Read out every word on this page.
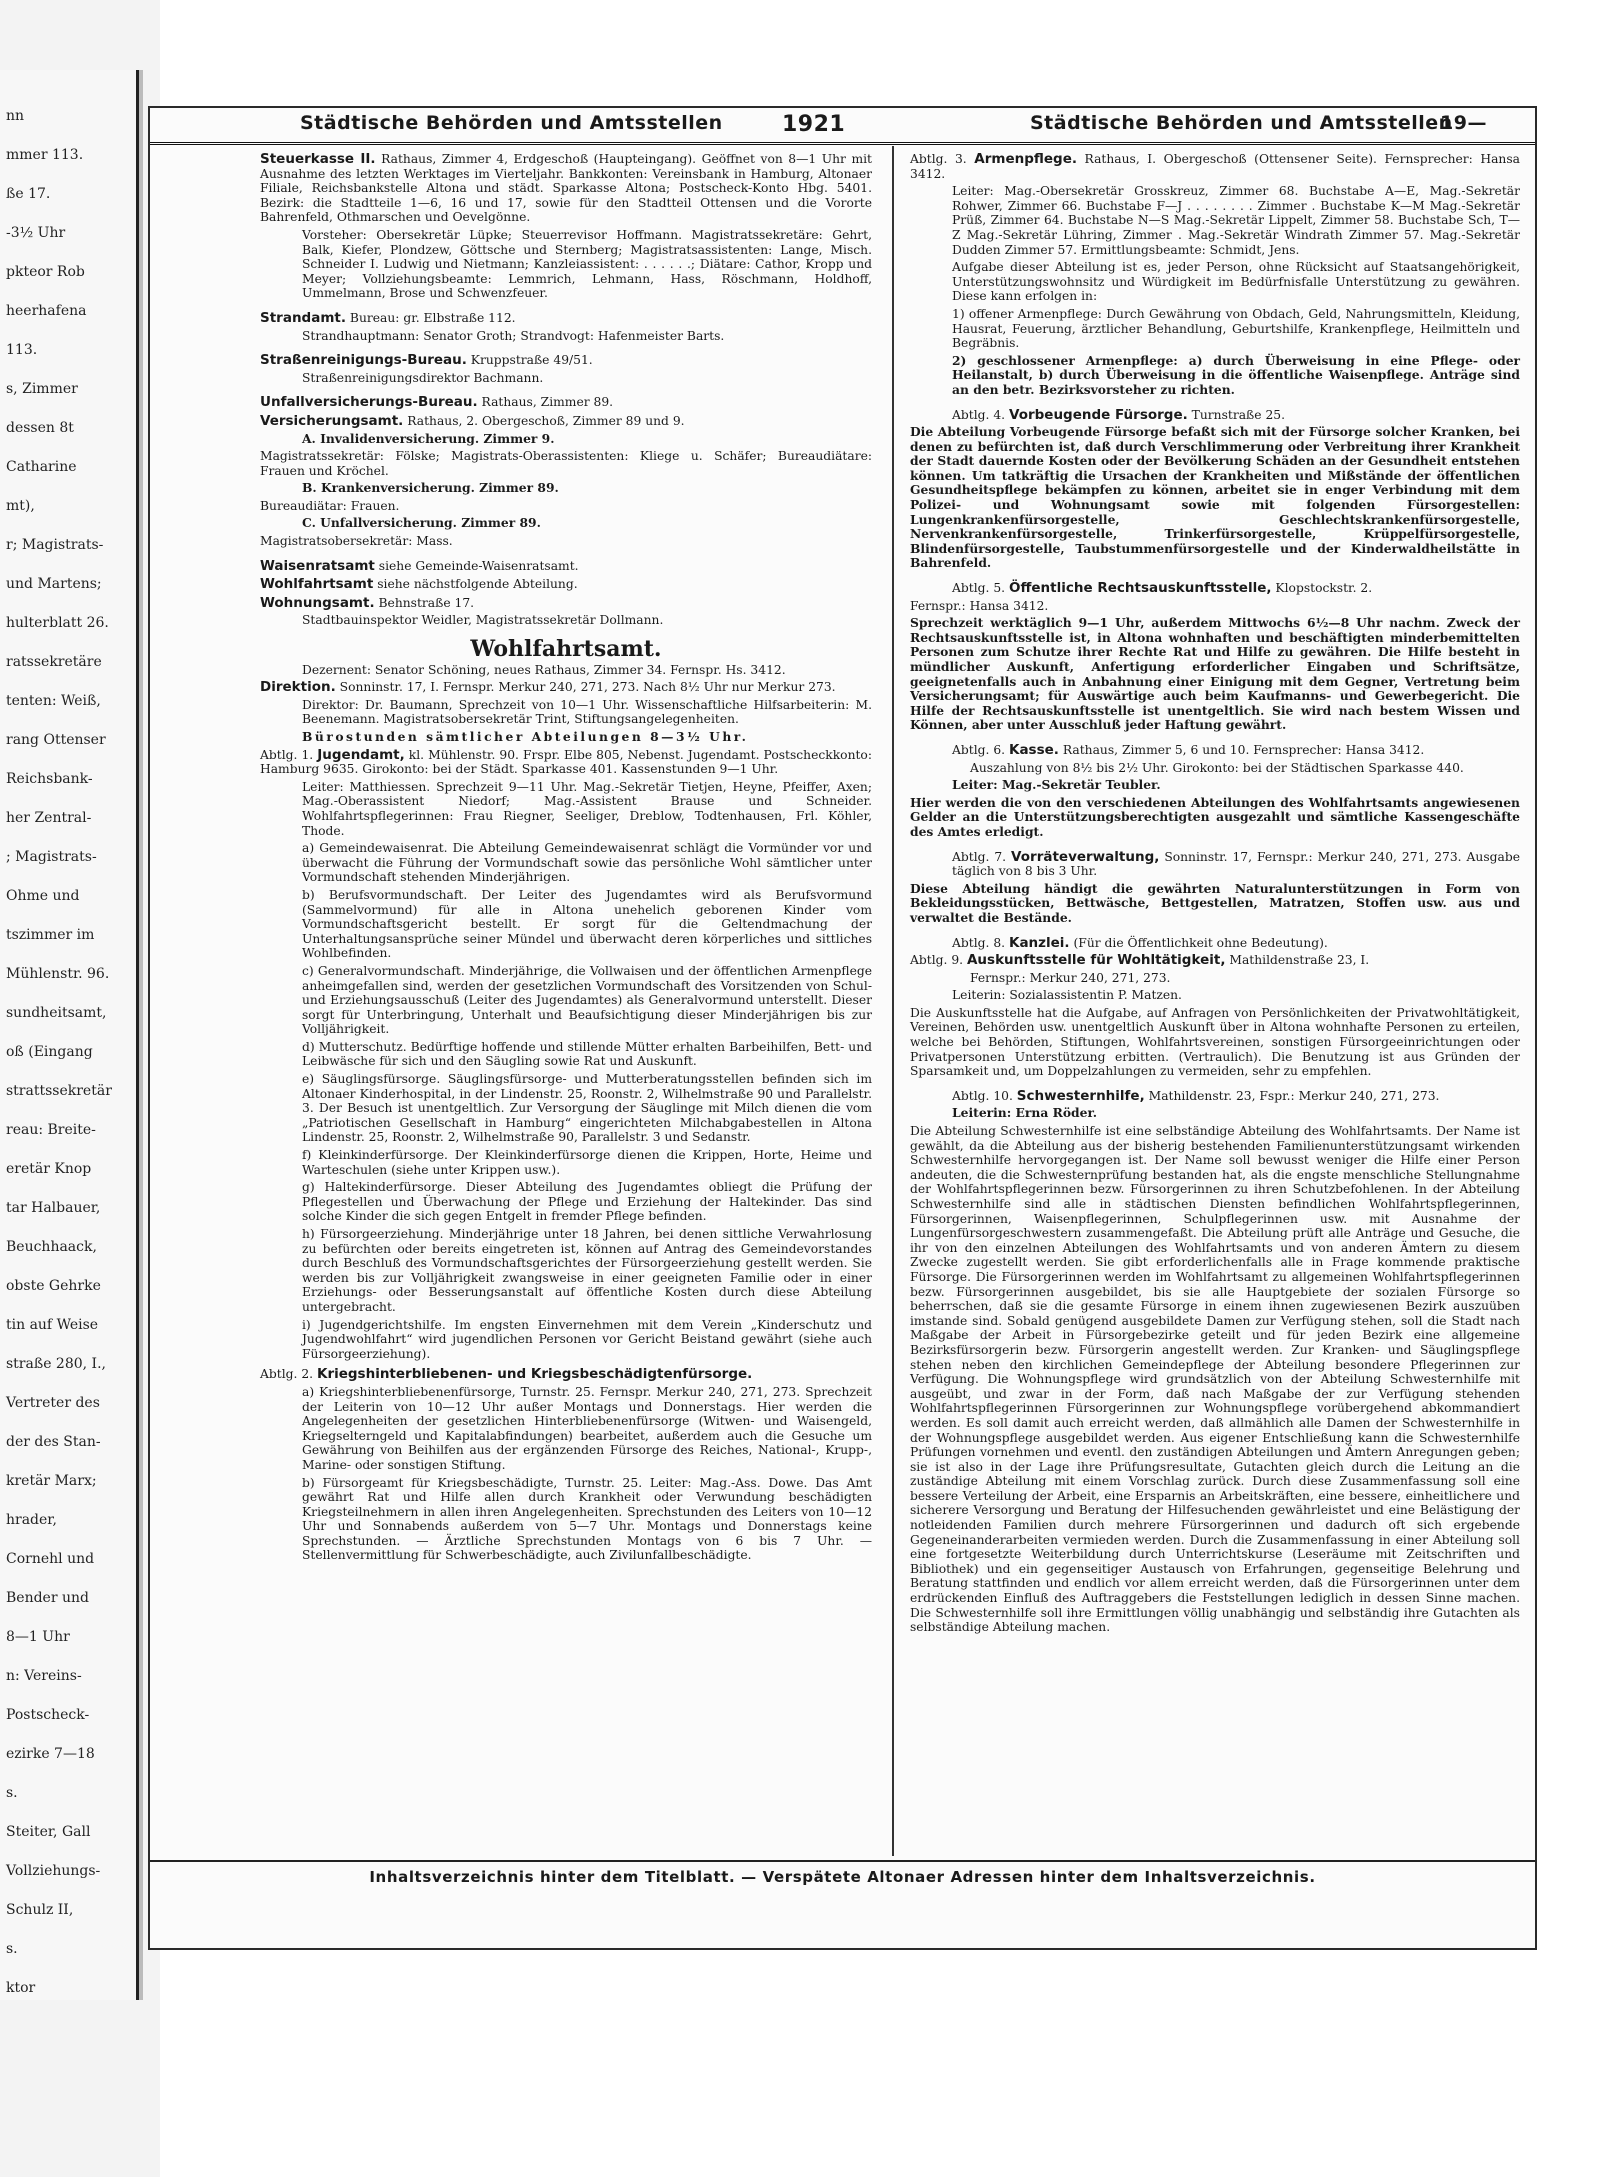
nn
mmer 113.
ße 17.
-3½ Uhr
pkteor Rob
heerhafena
113.
s, Zimmer
dessen 8t
Catharine
mt),
r; Magistrats-
und Martens;
hulterblatt 26.
ratssekretäre
tenten: Weiß,
rang Ottenser
Reichsbank-
her Zentral-
; Magistrats-
Ohme und
tszimmer im
Mühlenstr. 96.
sundheitsamt,
oß (Eingang
strattssekretär
reau: Breite-
eretär Knop
tar Halbauer,
Beuchhaack,
obste Gehrke
tin auf Weise
straße 280, I.,
Vertreter des
der des Stan-
kretär Marx;
hrader,
Cornehl und
Bender und
8—1 Uhr
n: Vereins-
Postscheck-
ezirke 7—18
s.
Steiter, Gall
Vollziehungs-
Schulz II,
s.
ktor
Städtische Behörden und Amtsstellen	1921	Städtische Behörden und Amtsstellen
19—

Steuerkasse II. Rathaus, Zimmer 4, Erdgeschoß (Haupteingang). Geöffnet von 8—1 Uhr mit Ausnahme des letzten Werktages im Vierteljahr. Bankkonten: Vereinsbank in Hamburg, Altonaer Filiale, Reichsbankstelle Altona und städt. Sparkasse Altona; Postscheck-Konto Hbg. 5401. Bezirk: die Stadtteile 1—6, 16 und 17, sowie für den Stadtteil Ottensen und die Vororte Bahrenfeld, Othmarschen und Oevelgönne.

Vorsteher: Obersekretär Lüpke; Steuerrevisor Hoffmann. Magistratssekretäre: Gehrt, Balk, Kiefer, Plondzew, Göttsche und Sternberg; Magistratsassistenten: Lange, Misch. Schneider I. Ludwig und Nietmann; Kanzleiassistent: . . . . . .; Diätare: Cathor, Kropp und Meyer; Vollziehungsbeamte: Lemmrich, Lehmann, Hass, Röschmann, Holdhoff, Ummelmann, Brose und Schwenzfeuer.

Strandamt. Bureau: gr. Elbstraße 112.

Strandhauptmann: Senator Groth; Strandvogt: Hafenmeister Barts.

Straßenreinigungs-Bureau. Kruppstraße 49/51.

Straßenreinigungsdirektor Bachmann.

Unfallversicherungs-Bureau. Rathaus, Zimmer 89.

Versicherungsamt. Rathaus, 2. Obergeschoß, Zimmer 89 und 9.

A. Invalidenversicherung. Zimmer 9.

Magistratssekretär: Fölske; Magistrats-Oberassistenten: Kliege u. Schäfer; Bureaudiätare: Frauen und Kröchel.

B. Krankenversicherung. Zimmer 89.

Bureaudiätar: Frauen.

C. Unfallversicherung. Zimmer 89.

Magistratsobersekretär: Mass.

Waisenratsamt siehe Gemeinde-Waisenratsamt.

Wohlfahrtsamt siehe nächstfolgende Abteilung.

Wohnungsamt. Behnstraße 17.

Stadtbauinspektor Weidler, Magistratssekretär Dollmann.

Wohlfahrtsamt.

Dezernent: Senator Schöning, neues Rathaus, Zimmer 34. Fernspr. Hs. 3412.

Direktion. Sonninstr. 17, I. Fernspr. Merkur 240, 271, 273. Nach 8½ Uhr nur Merkur 273.

Direktor: Dr. Baumann, Sprechzeit von 10—1 Uhr. Wissenschaftliche Hilfsarbeiterin: M. Beenemann. Magistratsobersekretär Trint, Stiftungsangelegenheiten.

Bürostunden sämtlicher Abteilungen 8—3½ Uhr.

Abtlg. 1. Jugendamt, kl. Mühlenstr. 90. Frspr. Elbe 805, Nebenst. Jugendamt. Postscheckkonto: Hamburg 9635. Girokonto: bei der Städt. Sparkasse 401. Kassenstunden 9—1 Uhr.

Leiter: Matthiessen. Sprechzeit 9—11 Uhr. Mag.-Sekretär Tietjen, Heyne, Pfeiffer, Axen; Mag.-Oberassistent Niedorf; Mag.-Assistent Brause und Schneider. Wohlfahrtspflegerinnen: Frau Riegner, Seeliger, Dreblow, Todtenhausen, Frl. Köhler, Thode.

a) Gemeindewaisenrat. Die Abteilung Gemeindewaisenrat schlägt die Vormünder vor und überwacht die Führung der Vormundschaft sowie das persönliche Wohl sämtlicher unter Vormundschaft stehenden Minderjährigen.

b) Berufsvormundschaft. Der Leiter des Jugendamtes wird als Berufsvormund (Sammelvormund) für alle in Altona unehelich geborenen Kinder vom Vormundschaftsgericht bestellt. Er sorgt für die Geltendmachung der Unterhaltungsansprüche seiner Mündel und überwacht deren körperliches und sittliches Wohlbefinden.

c) Generalvormundschaft. Minderjährige, die Vollwaisen und der öffentlichen Armenpflege anheimgefallen sind, werden der gesetzlichen Vormundschaft des Vorsitzenden von Schul- und Erziehungsausschuß (Leiter des Jugendamtes) als Generalvormund unterstellt. Dieser sorgt für Unterbringung, Unterhalt und Beaufsichtigung dieser Minderjährigen bis zur Volljährigkeit.

d) Mutterschutz. Bedürftige hoffende und stillende Mütter erhalten Barbeihilfen, Bett- und Leibwäsche für sich und den Säugling sowie Rat und Auskunft.

e) Säuglingsfürsorge. Säuglingsfürsorge- und Mutterberatungsstellen befinden sich im Altonaer Kinderhospital, in der Lindenstr. 25, Roonstr. 2, Wilhelmstraße 90 und Parallelstr. 3. Der Besuch ist unentgeltlich. Zur Versorgung der Säuglinge mit Milch dienen die vom „Patriotischen Gesellschaft in Hamburg“ eingerichteten Milchabgabestellen in Altona Lindenstr. 25, Roonstr. 2, Wilhelmstraße 90, Parallelstr. 3 und Sedanstr.

f) Kleinkinderfürsorge. Der Kleinkinderfürsorge dienen die Krippen, Horte, Heime und Warteschulen (siehe unter Krippen usw.).

g) Haltekinderfürsorge. Dieser Abteilung des Jugendamtes obliegt die Prüfung der Pflegestellen und Überwachung der Pflege und Erziehung der Haltekinder. Das sind solche Kinder die sich gegen Entgelt in fremder Pflege befinden.

h) Fürsorgeerziehung. Minderjährige unter 18 Jahren, bei denen sittliche Verwahrlosung zu befürchten oder bereits eingetreten ist, können auf Antrag des Gemeindevorstandes durch Beschluß des Vormundschaftsgerichtes der Fürsorgeerziehung gestellt werden. Sie werden bis zur Volljährigkeit zwangsweise in einer geeigneten Familie oder in einer Erziehungs- oder Besserungsanstalt auf öffentliche Kosten durch diese Abteilung untergebracht.

i) Jugendgerichtshilfe. Im engsten Einvernehmen mit dem Verein „Kinderschutz und Jugendwohlfahrt“ wird jugendlichen Personen vor Gericht Beistand gewährt (siehe auch Fürsorgeerziehung).

Abtlg. 2. Kriegshinterbliebenen- und Kriegsbeschädigtenfürsorge.

a) Kriegshinterbliebenenfürsorge, Turnstr. 25. Fernspr. Merkur 240, 271, 273. Sprechzeit der Leiterin von 10—12 Uhr außer Montags und Donnerstags. Hier werden die Angelegenheiten der gesetzlichen Hinterbliebenenfürsorge (Witwen- und Waisengeld, Kriegselterngeld und Kapitalabfindungen) bearbeitet, außerdem auch die Gesuche um Gewährung von Beihilfen aus der ergänzenden Fürsorge des Reiches, National-, Krupp-, Marine- oder sonstigen Stiftung.

b) Fürsorgeamt für Kriegsbeschädigte, Turnstr. 25. Leiter: Mag.-Ass. Dowe. Das Amt gewährt Rat und Hilfe allen durch Krankheit oder Verwundung beschädigten Kriegsteilnehmern in allen ihren Angelegenheiten. Sprechstunden des Leiters von 10—12 Uhr und Sonnabends außerdem von 5—7 Uhr. Montags und Donnerstags keine Sprechstunden. — Ärztliche Sprechstunden Montags von 6 bis 7 Uhr. — Stellenvermittlung für Schwerbeschädigte, auch Zivilunfallbeschädigte.

Abtlg. 3. Armenpflege. Rathaus, I. Obergeschoß (Ottensener Seite). Fernsprecher: Hansa 3412.

Leiter: Mag.-Obersekretär Grosskreuz, Zimmer 68. Buchstabe A—E, Mag.-Sekretär Rohwer, Zimmer 66. Buchstabe F—J . . . . . . . . Zimmer . Buchstabe K—M Mag.-Sekretär Prüß, Zimmer 64. Buchstabe N—S Mag.-Sekretär Lippelt, Zimmer 58. Buchstabe Sch, T—Z Mag.-Sekretär Lühring, Zimmer . Mag.-Sekretär Windrath Zimmer 57. Mag.-Sekretär Dudden Zimmer 57. Ermittlungsbeamte: Schmidt, Jens.

Aufgabe dieser Abteilung ist es, jeder Person, ohne Rücksicht auf Staatsangehörigkeit, Unterstützungswohnsitz und Würdigkeit im Bedürfnisfalle Unterstützung zu gewähren. Diese kann erfolgen in:

1) offener Armenpflege: Durch Gewährung von Obdach, Geld, Nahrungsmitteln, Kleidung, Hausrat, Feuerung, ärztlicher Behandlung, Geburtshilfe, Krankenpflege, Heilmitteln und Begräbnis.

2) geschlossener Armenpflege: a) durch Überweisung in eine Pflege- oder Heilanstalt, b) durch Überweisung in die öffentliche Waisenpflege. Anträge sind an den betr. Bezirksvorsteher zu richten.

Abtlg. 4. Vorbeugende Fürsorge. Turnstraße 25.

Die Abteilung Vorbeugende Fürsorge befaßt sich mit der Fürsorge solcher Kranken, bei denen zu befürchten ist, daß durch Verschlimmerung oder Verbreitung ihrer Krankheit der Stadt dauernde Kosten oder der Bevölkerung Schäden an der Gesundheit entstehen können. Um tatkräftig die Ursachen der Krankheiten und Mißstände der öffentlichen Gesundheitspflege bekämpfen zu können, arbeitet sie in enger Verbindung mit dem Polizei- und Wohnungsamt sowie mit folgenden Fürsorgestellen: Lungenkrankenfürsorgestelle, Geschlechtskrankenfürsorgestelle, Nervenkrankenfürsorgestelle, Trinkerfürsorgestelle, Krüppelfürsorgestelle, Blindenfürsorgestelle, Taubstummenfürsorgestelle und der Kinderwaldheilstätte in Bahrenfeld.

Abtlg. 5. Öffentliche Rechtsauskunftsstelle, Klopstockstr. 2.

Fernspr.: Hansa 3412.

Sprechzeit werktäglich 9—1 Uhr, außerdem Mittwochs 6½—8 Uhr nachm. Zweck der Rechtsauskunftsstelle ist, in Altona wohnhaften und beschäftigten minderbemittelten Personen zum Schutze ihrer Rechte Rat und Hilfe zu gewähren. Die Hilfe besteht in mündlicher Auskunft, Anfertigung erforderlicher Eingaben und Schriftsätze, geeignetenfalls auch in Anbahnung einer Einigung mit dem Gegner, Vertretung beim Versicherungsamt; für Auswärtige auch beim Kaufmanns- und Gewerbegericht. Die Hilfe der Rechtsauskunftsstelle ist unentgeltlich. Sie wird nach bestem Wissen und Können, aber unter Ausschluß jeder Haftung gewährt.

Abtlg. 6. Kasse. Rathaus, Zimmer 5, 6 und 10. Fernsprecher: Hansa 3412.

Auszahlung von 8½ bis 2½ Uhr. Girokonto: bei der Städtischen Sparkasse 440.

Leiter: Mag.-Sekretär Teubler.

Hier werden die von den verschiedenen Abteilungen des Wohlfahrtsamts angewiesenen Gelder an die Unterstützungsberechtigten ausgezahlt und sämtliche Kassengeschäfte des Amtes erledigt.

Abtlg. 7. Vorräteverwaltung, Sonninstr. 17, Fernspr.: Merkur 240, 271, 273. Ausgabe täglich von 8 bis 3 Uhr.

Diese Abteilung händigt die gewährten Naturalunterstützungen in Form von Bekleidungsstücken, Bettwäsche, Bettgestellen, Matratzen, Stoffen usw. aus und verwaltet die Bestände.

Abtlg. 8. Kanzlei. (Für die Öffentlichkeit ohne Bedeutung).

Abtlg. 9. Auskunftsstelle für Wohltätigkeit, Mathildenstraße 23, I.

Fernspr.: Merkur 240, 271, 273.

Leiterin: Sozialassistentin P. Matzen.

Die Auskunftsstelle hat die Aufgabe, auf Anfragen von Persönlichkeiten der Privatwohltätigkeit, Vereinen, Behörden usw. unentgeltlich Auskunft über in Altona wohnhafte Personen zu erteilen, welche bei Behörden, Stiftungen, Wohlfahrtsvereinen, sonstigen Fürsorgeeinrichtungen oder Privatpersonen Unterstützung erbitten. (Vertraulich). Die Benutzung ist aus Gründen der Sparsamkeit und, um Doppelzahlungen zu vermeiden, sehr zu empfehlen.

Abtlg. 10. Schwesternhilfe, Mathildenstr. 23, Fspr.: Merkur 240, 271, 273.

Leiterin: Erna Röder.

Die Abteilung Schwesternhilfe ist eine selbständige Abteilung des Wohlfahrtsamts. Der Name ist gewählt, da die Abteilung aus der bisherig bestehenden Familienunterstützungsamt wirkenden Schwesternhilfe hervorgegangen ist. Der Name soll bewusst weniger die Hilfe einer Person andeuten, die die Schwesternprüfung bestanden hat, als die engste menschliche Stellungnahme der Wohlfahrtspflegerinnen bezw. Fürsorgerinnen zu ihren Schutzbefohlenen. In der Abteilung Schwesternhilfe sind alle in städtischen Diensten befindlichen Wohlfahrtspflegerinnen, Fürsorgerinnen, Waisenpflegerinnen, Schulpflegerinnen usw. mit Ausnahme der Lungenfürsorgeschwestern zusammengefaßt. Die Abteilung prüft alle Anträge und Gesuche, die ihr von den einzelnen Abteilungen des Wohlfahrtsamts und von anderen Ämtern zu diesem Zwecke zugestellt werden. Sie gibt erforderlichenfalls alle in Frage kommende praktische Fürsorge. Die Fürsorgerinnen werden im Wohlfahrtsamt zu allgemeinen Wohlfahrtspflegerinnen bezw. Fürsorgerinnen ausgebildet, bis sie alle Hauptgebiete der sozialen Fürsorge so beherrschen, daß sie die gesamte Fürsorge in einem ihnen zugewiesenen Bezirk auszuüben imstande sind. Sobald genügend ausgebildete Damen zur Verfügung stehen, soll die Stadt nach Maßgabe der Arbeit in Fürsorgebezirke geteilt und für jeden Bezirk eine allgemeine Bezirksfürsorgerin bezw. Fürsorgerin angestellt werden. Zur Kranken- und Säuglingspflege stehen neben den kirchlichen Gemeindepflege der Abteilung besondere Pflegerinnen zur Verfügung. Die Wohnungspflege wird grundsätzlich von der Abteilung Schwesternhilfe mit ausgeübt, und zwar in der Form, daß nach Maßgabe der zur Verfügung stehenden Wohlfahrtspflegerinnen Fürsorgerinnen zur Wohnungspflege vorübergehend abkommandiert werden. Es soll damit auch erreicht werden, daß allmählich alle Damen der Schwesternhilfe in der Wohnungspflege ausgebildet werden. Aus eigener Entschließung kann die Schwesternhilfe Prüfungen vornehmen und eventl. den zuständigen Abteilungen und Ämtern Anregungen geben; sie ist also in der Lage ihre Prüfungsresultate, Gutachten gleich durch die Leitung an die zuständige Abteilung mit einem Vorschlag zurück. Durch diese Zusammenfassung soll eine bessere Verteilung der Arbeit, eine Ersparnis an Arbeitskräften, eine bessere, einheitlichere und sicherere Versorgung und Beratung der Hilfesuchenden gewährleistet und eine Belästigung der notleidenden Familien durch mehrere Fürsorgerinnen und dadurch oft sich ergebende Gegeneinanderarbeiten vermieden werden. Durch die Zusammenfassung in einer Abteilung soll eine fortgesetzte Weiterbildung durch Unterrichtskurse (Leseräume mit Zeitschriften und Bibliothek) und ein gegenseitiger Austausch von Erfahrungen, gegenseitige Belehrung und Beratung stattfinden und endlich vor allem erreicht werden, daß die Fürsorgerinnen unter dem erdrückenden Einfluß des Auftraggebers die Feststellungen lediglich in dessen Sinne machen. Die Schwesternhilfe soll ihre Ermittlungen völlig unabhängig und selbständig ihre Gutachten als selbständige Abteilung machen.

Inhaltsverzeichnis hinter dem Titelblatt. — Verspätete Altonaer Adressen hinter dem Inhaltsverzeichnis.
